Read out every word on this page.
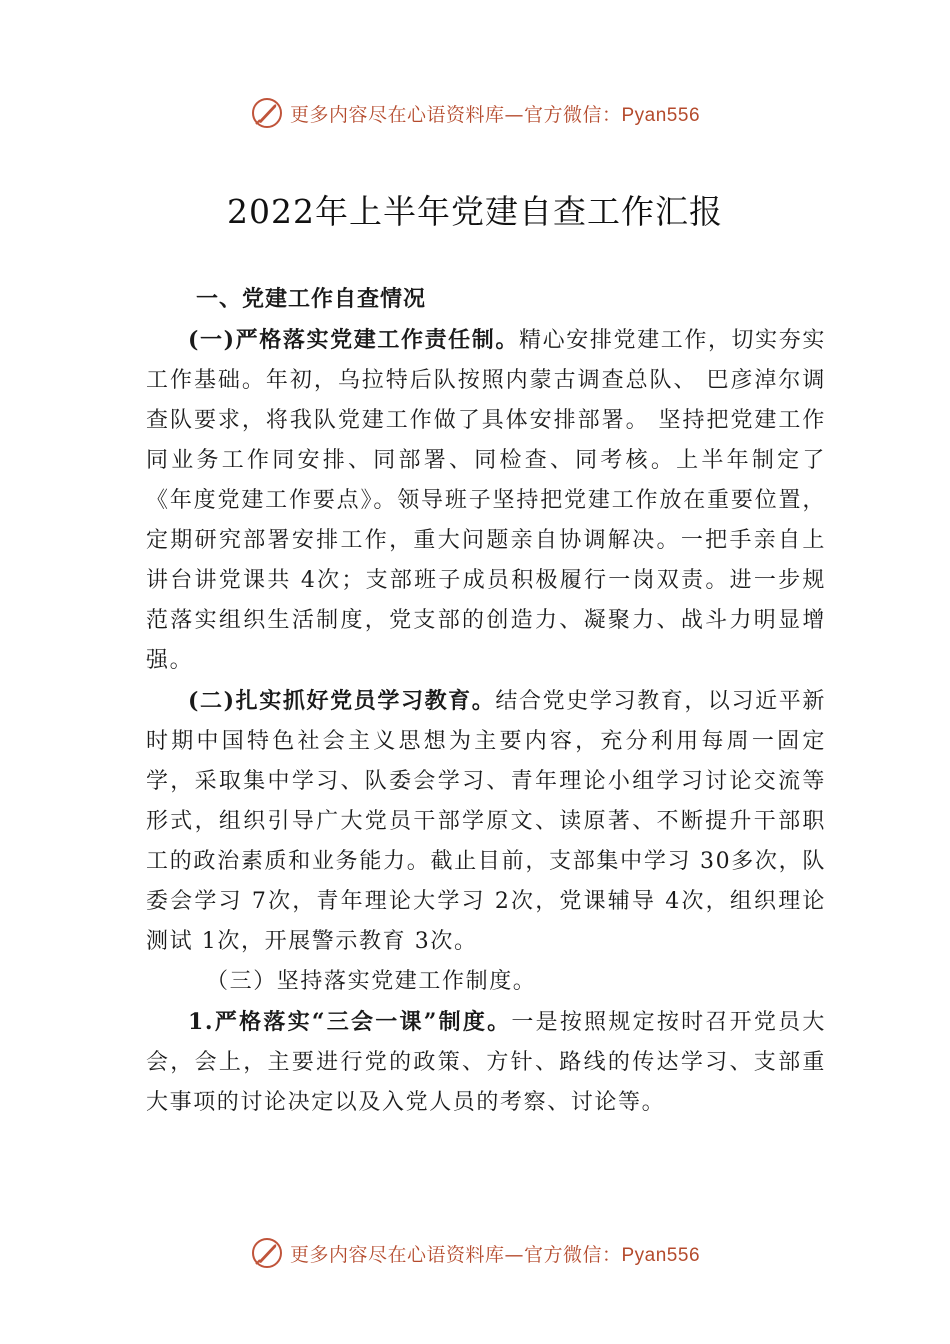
更多内容尽在心语资料库—官方微信：Pyan556
2022年上半年党建自查工作汇报
一、党建工作自查情况

(一)严格落实党建工作责任制。精心安排党建工作，切实夯实工作基础。年初，乌拉特后队按照内蒙古调查总队、 巴彦淖尔调查队要求，将我队党建工作做了具体安排部署。 坚持把党建工作同业务工作同安排、同部署、同检查、同考核。上半年制定了《年度党建工作要点》。领导班子坚持把党建工作放在重要位置，定期研究部署安排工作，重大问题亲自协调解决。一把手亲自上讲台讲党课共 4次；支部班子成员积极履行一岗双责。进一步规范落实组织生活制度，党支部的创造力、凝聚力、战斗力明显增强。

(二)扎实抓好党员学习教育。结合党史学习教育，以习近平新时期中国特色社会主义思想为主要内容，充分利用每周一固定学，采取集中学习、队委会学习、青年理论小组学习讨论交流等形式，组织引导广大党员干部学原文、读原著、不断提升干部职工的政治素质和业务能力。截止目前，支部集中学习 30多次，队委会学习 7次，青年理论大学习 2次，党课辅导 4次，组织理论测试 1次，开展警示教育 3次。

（三）坚持落实党建工作制度。

1.严格落实“三会一课”制度。一是按照规定按时召开党员大会，会上，主要进行党的政策、方针、路线的传达学习、支部重大事项的讨论决定以及入党人员的考察、讨论等。

更多内容尽在心语资料库—官方微信：Pyan556
